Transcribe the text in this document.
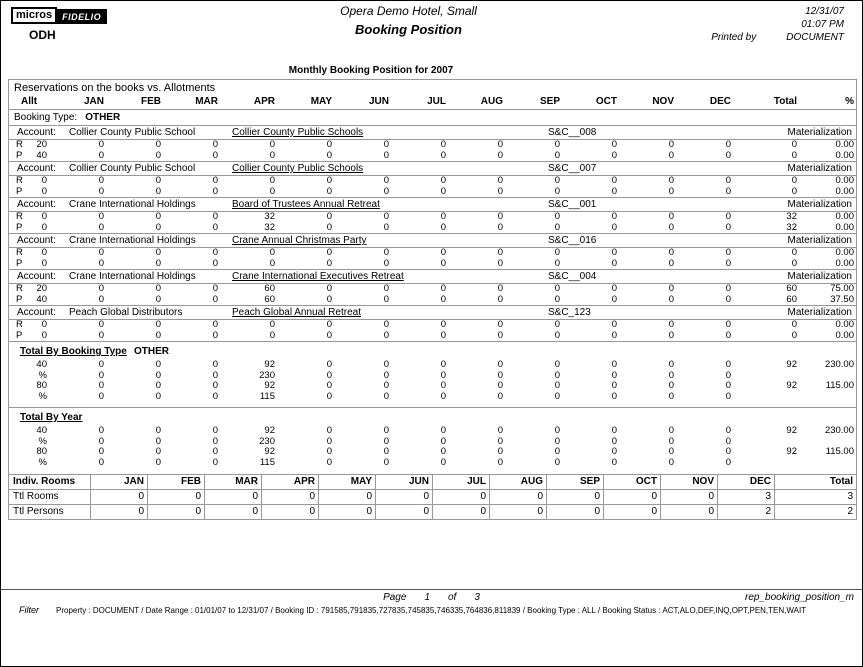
micros	FIDELIO
ODH
Opera Demo Hotel, Small
Booking Position
12/31/07
01:07 PM
Printed by	DOCUMENT
Monthly Booking Position for 2007
Reservations on the books vs. Allotments
Allt	JAN	FEB	MAR	APR	MAY	JUN	JUL	AUG	SEP	OCT	NOV	DEC	Total	%
Booking Type: OTHER
Account: Collier County Public School	Collier County Public Schools	S&C__008	Materialization
R	20	0	0	0	0	0	0	0	0	0	0	0	0	0	0.00
P	40	0	0	0	0	0	0	0	0	0	0	0	0	0	0.00
Account: Collier County Public School	Collier County Public Schools	S&C__007	Materialization
R	0	0	0	0	0	0	0	0	0	0	0	0	0	0	0.00
P	0	0	0	0	0	0	0	0	0	0	0	0	0	0	0.00
Account: Crane International Holdings	Board of Trustees Annual Retreat	S&C__001	Materialization
R	0	0	0	0	32	0	0	0	0	0	0	0	0	32	0.00
P	0	0	0	0	32	0	0	0	0	0	0	0	0	32	0.00
Account: Crane International Holdings	Crane Annual Christmas Party	S&C__016	Materialization
R	0	0	0	0	0	0	0	0	0	0	0	0	0	0	0.00
P	0	0	0	0	0	0	0	0	0	0	0	0	0	0	0.00
Account: Crane International Holdings	Crane International Executives Retreat	S&C__004	Materialization
R	20	0	0	0	60	0	0	0	0	0	0	0	0	60	75.00
P	40	0	0	0	60	0	0	0	0	0	0	0	0	60	37.50
Account: Peach Global Distributors	Peach Global Annual Retreat	S&C_123	Materialization
R	0	0	0	0	0	0	0	0	0	0	0	0	0	0	0.00
P	0	0	0	0	0	0	0	0	0	0	0	0	0	0	0.00
Total By Booking Type OTHER
40	0	0	0	92	0	0	0	0	0	0	0	0	92	230.00
%	0	0	0	230	0	0	0	0	0	0	0	0
80	0	0	0	92	0	0	0	0	0	0	0	0	92	115.00
%	0	0	0	115	0	0	0	0	0	0	0	0
Total By Year
40	0	0	0	92	0	0	0	0	0	0	0	0	92	230.00
%	0	0	0	230	0	0	0	0	0	0	0	0
80	0	0	0	92	0	0	0	0	0	0	0	0	92	115.00
%	0	0	0	115	0	0	0	0	0	0	0	0
Indiv. Rooms	JAN	FEB	MAR	APR	MAY	JUN	JUL	AUG	SEP	OCT	NOV	DEC	Total
Ttl Rooms	0	0	0	0	0	0	0	0	0	0	0	3	3
Ttl Persons	0	0	0	0	0	0	0	0	0	0	0	2	2
Page 1 of 3	rep_booking_position_m
Filter Property : DOCUMENT / Date Range : 01/01/07 to 12/31/07 / Booking ID : 791585,791835,727835,745835,746335,764836,811839 / Booking Type : ALL / Booking Status : ACT,ALO,DEF,INQ,OPT,PEN,TEN,WAIT
